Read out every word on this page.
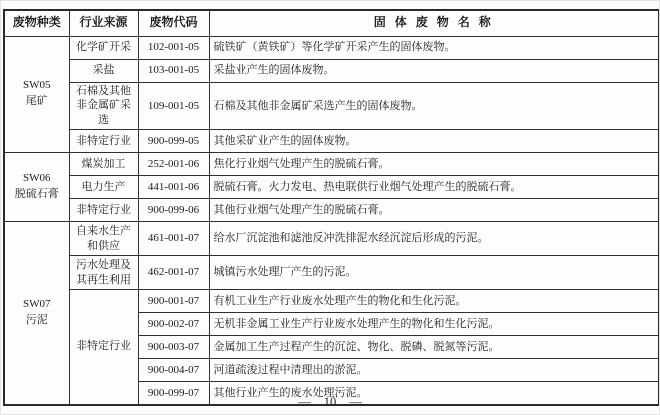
废物种类	行业来源	废物代码	固 体 废 物 名 称

SW05
尾矿	化学矿开采	102-001-05	硫铁矿（黄铁矿）等化学矿开采产生的固体废物。
	采盐	103-001-05	采盐业产生的固体废物。
	石棉及其他非金属矿采选	109-001-05	石棉及其他非金属矿采选产生的固体废物。
	非特定行业	900-099-05	其他采矿业产生的固体废物。

SW06
脱硫石膏	煤炭加工	252-001-06	焦化行业烟气处理产生的脱硫石膏。
	电力生产	441-001-06	脱硫石膏。火力发电、热电联供行业烟气处理产生的脱硫石膏。
	非特定行业	900-099-06	其他行业烟气处理产生的脱硫石膏。

SW07
污泥	自来水生产和供应	461-001-07	给水厂沉淀池和滤池反冲洗排泥水经沉淀后形成的污泥。
	污水处理及其再生利用	462-001-07	城镇污水处理厂产生的污泥。
	非特定行业	900-001-07	有机工业生产行业废水处理产生的物化和生化污泥。
		900-002-07	无机非金属工业生产行业废水处理产生的物化和生化污泥。
		900-003-07	金属加工生产过程产生的沉淀、物化、脱磷、脱氮等污泥。
		900-004-07	河道疏浚过程中清理出的淤泥。
		900-099-07	其他行业产生的废水处理污泥。
— 10 —
